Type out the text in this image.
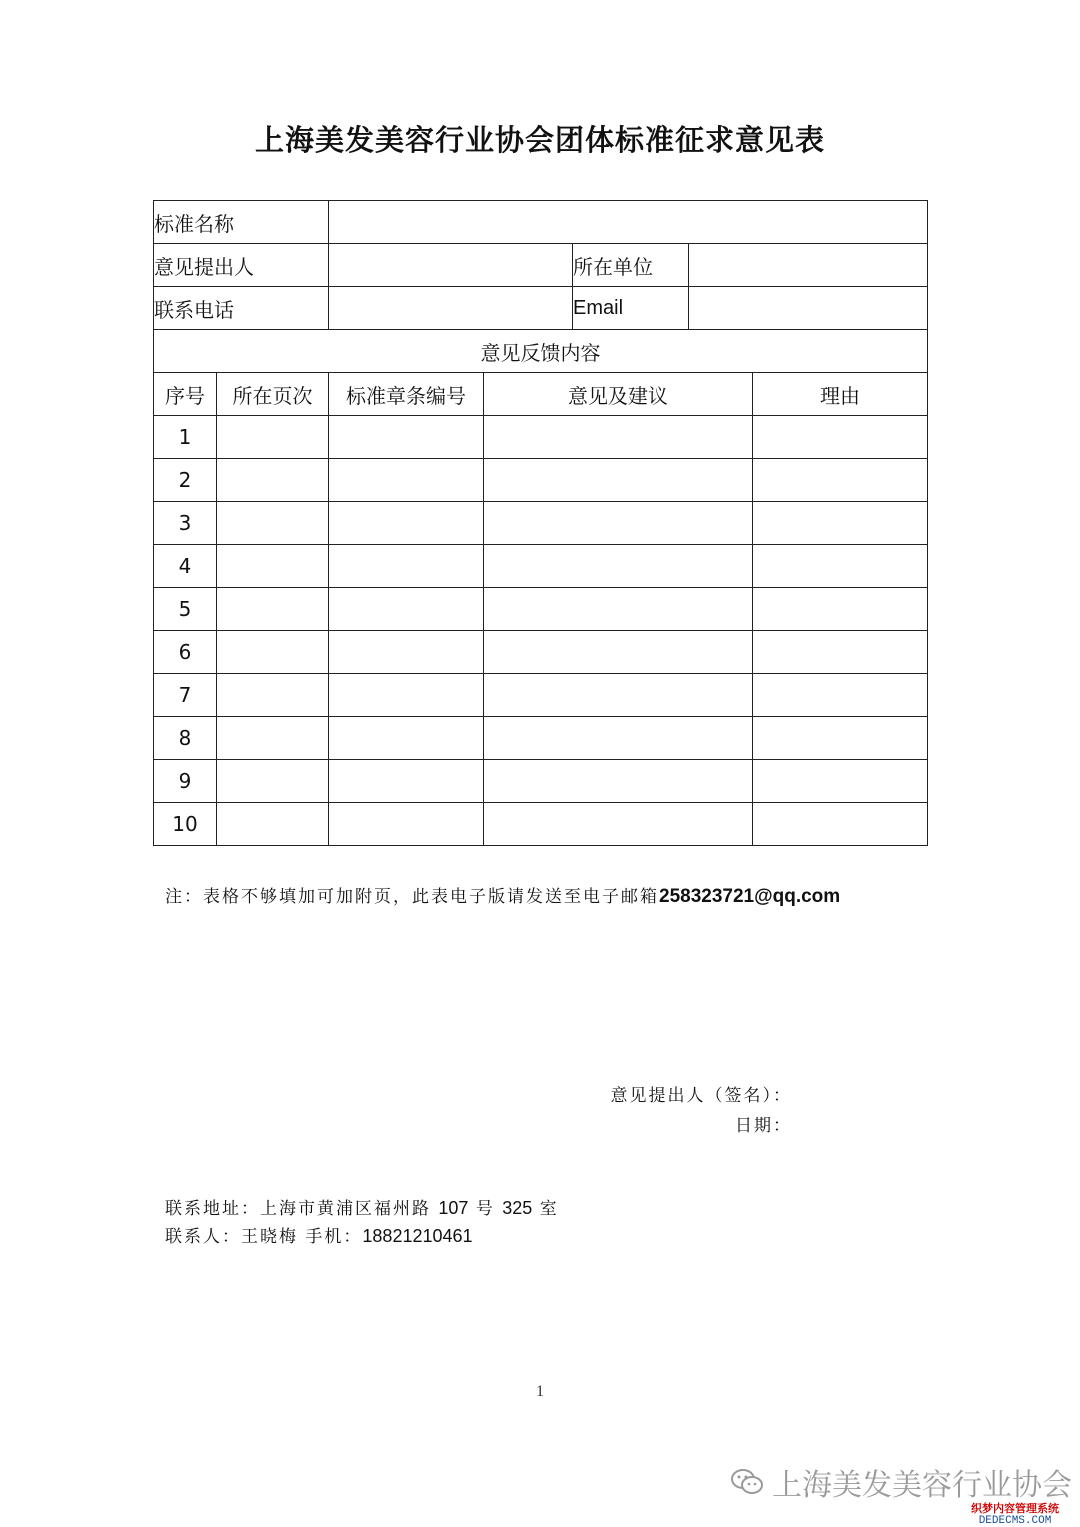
上海美发美容行业协会团体标准征求意见表
标准名称						
意见提出人				所在单位		
联系电话				Email		
意见反馈内容						
序号	所在页次	标准章条编号	意见及建议			理由
1						
2						
3						
4						
5						
6						
7						
8						
9						
10						
注：表格不够填加可加附页，此表电子版请发送至电子邮箱258323721@qq.com
意见提出人（签名）：
日期：
联系地址：上海市黄浦区福州路 107 号 325 室
联系人：王晓梅 手机：18821210461
1
上海美发美容行业协会
织梦内容管理系统
DEDECMS.COM
